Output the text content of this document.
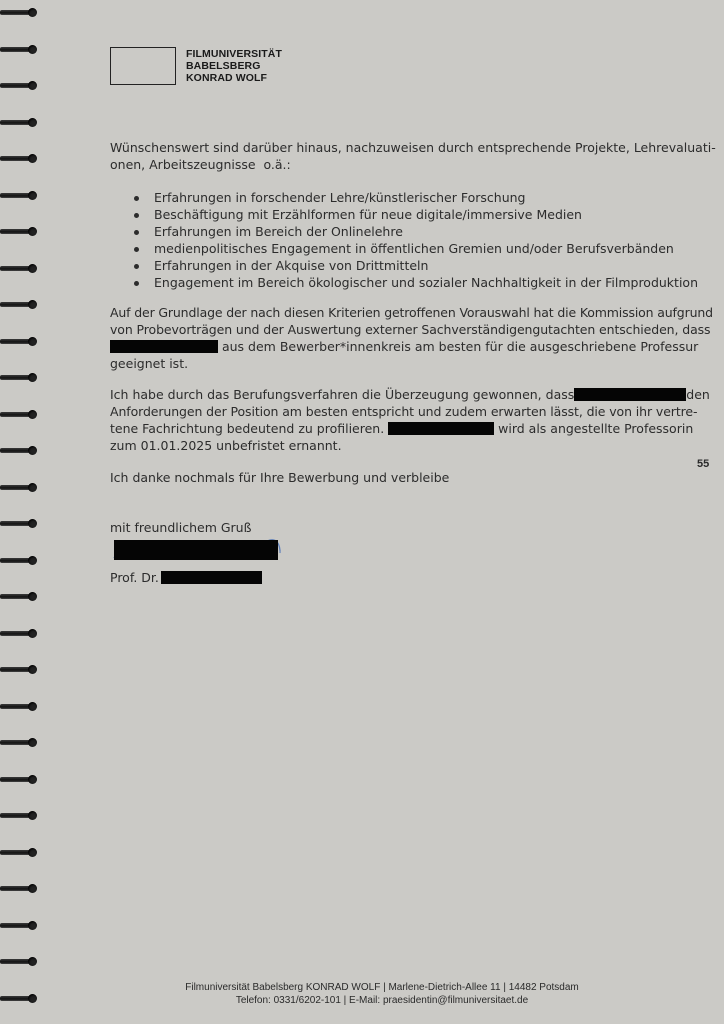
FILMUNIVERSITÄT
BABELSBERG
KONRAD WOLF
Wünschenswert sind darüber hinaus, nachzuweisen durch entsprechende Projekte, Lehrevaluati-
onen, Arbeitszeugnisse  o.ä.:
Erfahrungen in forschender Lehre/künstlerischer Forschung
Beschäftigung mit Erzählformen für neue digitale/immersive Medien
Erfahrungen im Bereich der Onlinelehre
medienpolitisches Engagement in öffentlichen Gremien und/oder Berufsverbänden
Erfahrungen in der Akquise von Drittmitteln
Engagement im Bereich ökologischer und sozialer Nachhaltigkeit in der Filmproduktion
Auf der Grundlage der nach diesen Kriterien getroffenen Vorauswahl hat die Kommission aufgrund
von Probevorträgen und der Auswertung externer Sachverständigengutachten entschieden, dass
aus dem Bewerber*innenkreis am besten für die ausgeschriebene Professur
geeignet ist.
Ich habe durch das Berufungsverfahren die Überzeugung gewonnen, dass	den
Anforderungen der Position am besten entspricht und zudem erwarten lässt, die von ihr vertre-
tene Fachrichtung bedeutend zu profilieren.	wird als angestellte Professorin
zum 01.01.2025 unbefristet ernannt.
Ich danke nochmals für Ihre Bewerbung und verbleibe
mit freundlichem Gruß
Prof. Dr.
55
Filmuniversität Babelsberg KONRAD WOLF | Marlene-Dietrich-Allee 11 | 14482 Potsdam
Telefon: 0331/6202-101 | E-Mail: praesidentin@filmuniversitaet.de
